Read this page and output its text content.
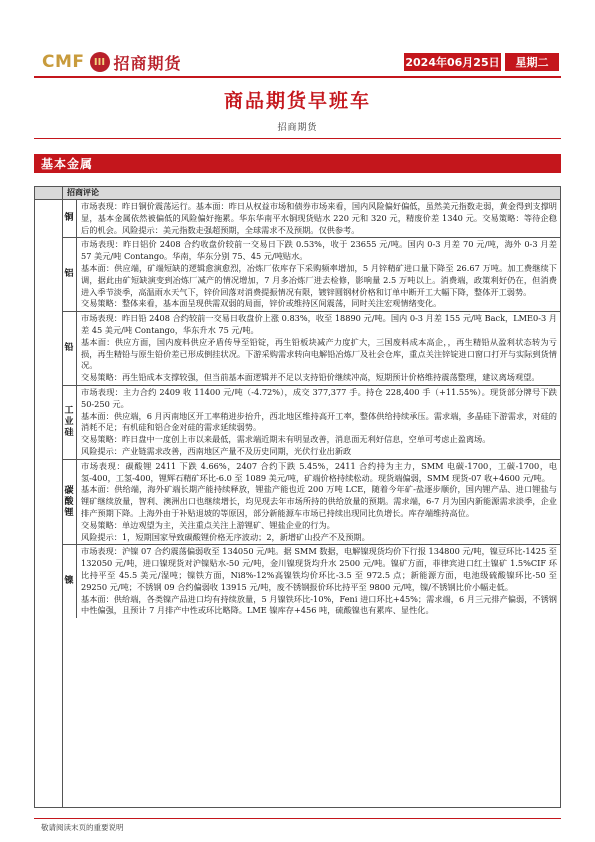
CMF III 招商期货	2024年06月25日	星期二
商品期货早班车
招商期货
基本金属
招商评论
铜

市场表现：昨日铜价震荡运行。基本面：昨日从权益市场和债券市场来看，国内风险偏好偏低，虽然美元指数走弱，黄金得到支撑明显，基本金属依然被偏低的风险偏好拖累。华东华南平水铜现货贴水 220 元和 320 元，精废价差 1340 元。交易策略：等待企稳后的机会。风险提示：美元指数走强超预期，全球需求不及预期。仅供参考。

铝

市场表现：昨日铝价 2408 合约收盘价较前一交易日下跌 0.53%，收于 23655 元/吨。国内 0-3 月差 70 元/吨，海外 0-3 月差 57 美元/吨 Contango。华南，华东分别 75、45 元/吨贴水。

基本面：供应端，矿端短缺的逻辑愈演愈烈，冶炼厂依库存下采购频率增加，5 月锌精矿进口量下降至 26.67 万吨。加工费继续下调，据此由矿短缺演变到冶炼厂减产的情况增加，7 月多冶炼厂进去检修，影响量 2.5 万吨以上。消费端，政策利好仍在，但消费进入季节淡季，高温雨水天气下，锌价回落对消费提振情况有限，镀锌圆钢材价格和订单中断开工大幅下降，整体开工弱势。

交易策略：整体来看，基本面呈现供需双弱的局面，锌价或维持区间震荡，同时关注宏观情绪变化。

铅

市场表现：昨日铅 2408 合约较前一交易日收盘价上涨 0.83%，收至 18890 元/吨。国内 0-3 月差 155 元/吨 Back，LME0-3 月差 45 美元/吨 Contango，华东升水 75 元/吨。

基本面：供应方面，国内废料供应矛盾传导至铅锭，再生铅板块减产力度扩大，三国废料成本高企，，再生精铅从盈利状态转为亏损，再生精铅与原生铅价差已形成倒挂状况。下游采购需求转向电解铅冶炼厂及社会仓库，重点关注锌锭进口窗口打开与实际到货情况。

交易策略：再生铅成本支撑较强，但当前基本面逻辑并不足以支持铅价继续冲高，短期预计价格维持震荡整理，建议离场观望。

工业硅

市场表现：主力合约 2409 收 11400 元/吨（-4.72%），成交 377,377 手。持仓 228,400 手（+11.55%）。现货部分牌号下跌 50-250 元。

基本面：供应端，6 月丙南地区开工率稍进步抬升，西北地区维持高开工率，整体供给持续承压。需求端，多晶硅下游需求，对硅的消耗不足；有机硅和铝合金对硅的需求延续弱势。

交易策略：昨日盘中一度创上市以来最低，需求端近期未有明显改善，消息面无利好信息，空单可考虑止盈离场。

风险提示：产业链需求改善，西南地区产量不及历史同期，光伏行业出新政

碳酸锂

市场表现：碳酸锂 2411 下跌 4.66%，2407 合约下跌 5.45%，2411 合约持为主力，SMM 电碳-1700，工碳-1700，电氢-400，工氢-400，锂辉石精矿环比-6.0 至 1089 美元/吨，矿端价格持续松动。现货端偏弱，SMM 现货-07 收+4600 元/吨。

基本面：供给端，海外矿端长期产能持续释放，锂盐产能也近 200 万吨 LCE，随着今年矿-盐逐步顺价，国内锂产品、进口锂盐与锂矿继续放量，智利、澳洲出口也继续增长，均见现去年市场所持的供给放量的预期。需求端，6-7 月为国内新能源需求淡季，企业排产预期下降。上海外由于补贴退坡的等原因，部分新能源车市场已持续出现同比负增长。库存端维持高位。

交易策略：单边观望为主，关注重点关注上游锂矿、锂盐企业的行为。

风险提示：1，短期国家导致碳酸锂价格无序波动；2，新增矿山投产不及预期。

镍

市场表现：沪镍 07 合约震荡偏弱收至 134050 元/吨。据 SMM 数据，电解镍现货均价下行报 134800 元/吨，镍豆环比-1425 至 132050 元/吨，进口镍现货对沪镍贴水-50 元/吨，金川镍现货均升水 2500 元/吨。镍矿方面，菲律宾进口红土镍矿 1.5%CIF 环比持平至 45.5 美元/湿吨；镍铁方面，Ni8%-12%高镍铁均价环比-3.5 至 972.5 点；新能源方面，电池级硫酸镍环比-50 至 29250 元/吨；不锈钢 09 合约偏弱收 13915 元/吨，废不锈钢报价环比持平至 9800 元/吨，镍/不锈钢比价小幅走低。

基本面：供给端，各类镍产品进口均有持续放量，5 月镍铁环比-10%，Feni 进口环比+45%；需求端，6 月三元排产偏弱，不锈钢中性偏强，且预计 7 月排产中性或环比略降。LME 镍库存+456 吨，硫酸镍也有累库、显性化。

敬请阅读末页的重要说明
